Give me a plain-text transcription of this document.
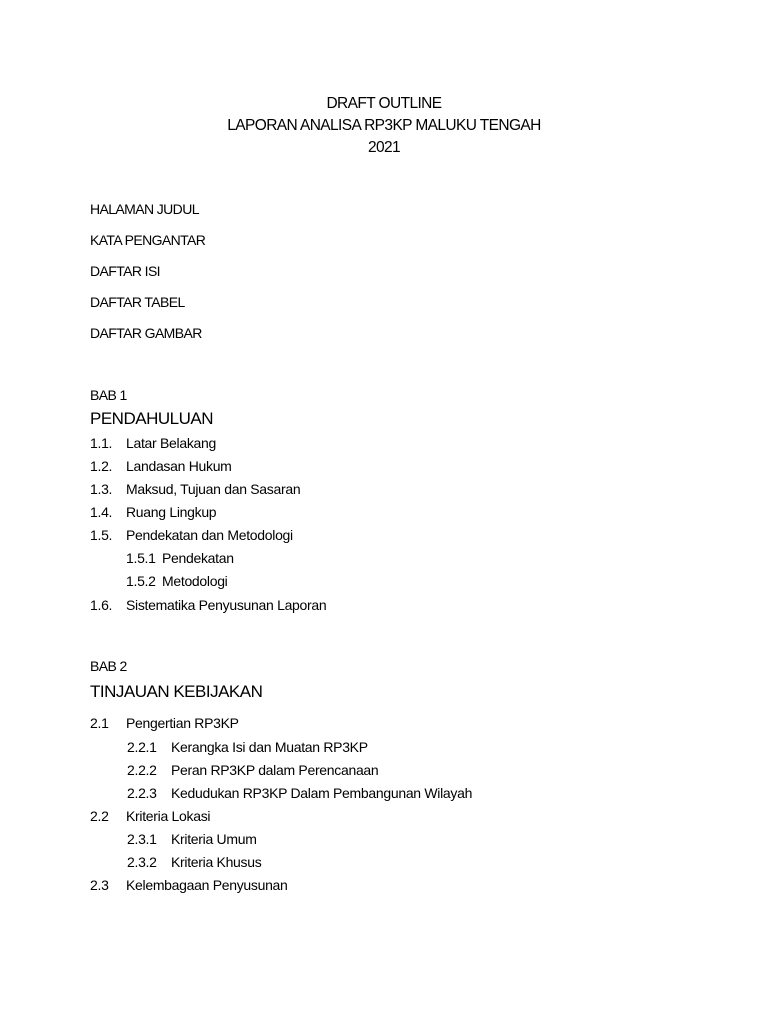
DRAFT OUTLINE
LAPORAN ANALISA RP3KP MALUKU TENGAH
2021
HALAMAN JUDUL
KATA PENGANTAR
DAFTAR ISI
DAFTAR TABEL
DAFTAR GAMBAR
BAB 1
PENDAHULUAN
1.1. Latar Belakang
1.2. Landasan Hukum
1.3. Maksud, Tujuan dan Sasaran
1.4. Ruang Lingkup
1.5. Pendekatan dan Metodologi
1.5.1 Pendekatan
1.5.2 Metodologi
1.6. Sistematika Penyusunan Laporan
BAB 2
TINJAUAN KEBIJAKAN
2.1 Pengertian RP3KP
2.2.1 Kerangka Isi dan Muatan RP3KP
2.2.2 Peran RP3KP dalam Perencanaan
2.2.3 Kedudukan RP3KP Dalam Pembangunan Wilayah
2.2 Kriteria Lokasi
2.3.1 Kriteria Umum
2.3.2 Kriteria Khusus
2.3 Kelembagaan Penyusunan
